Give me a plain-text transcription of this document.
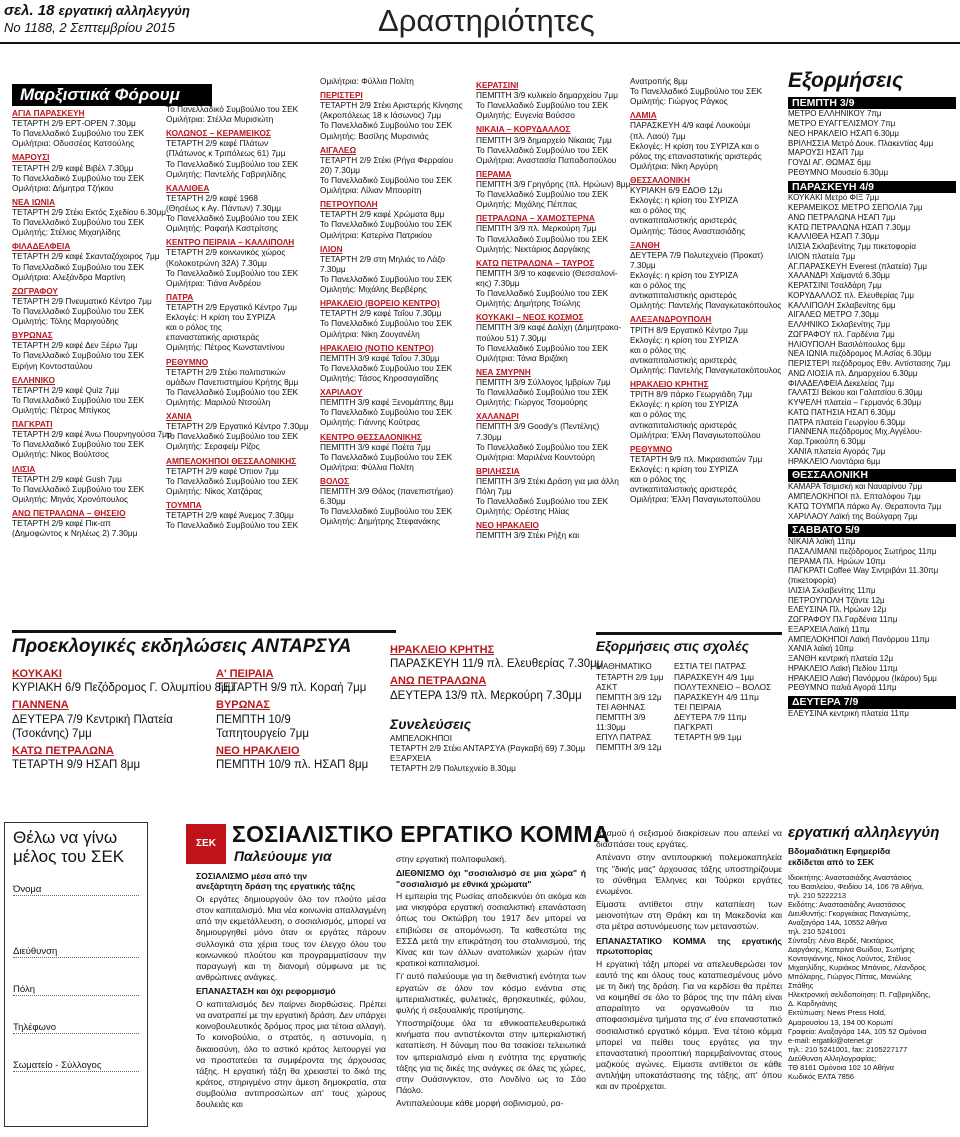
σελ. 18 εργατική αλληλεγγύη
No 1188, 2 Σεπτεμβρίου 2015	Δραστηριότητες
Μαρξιστικά Φόρουμ
ΑΓΙΑ ΠΑΡΑΣΚΕΥΗ
ΤΕΤΑΡΤΗ 2/9 ΕΡΤ-OPEN 7.30μμ
Το Πανελλαδικό Συμβούλιο του ΣΕΚ
Ομιλήτρια: Οδυσσέας Κατσούλης
ΜΑΡΟΥΣΙ
ΤΕΤΑΡΤΗ 2/9 καφέ Βιβέλ 7.30μμ
Το Πανελλαδικό Συμβούλιο του ΣΕΚ
Ομιλήτρια: Δήμητρα Τζήκου
ΝΕΑ ΙΩΝΙΑ
ΤΕΤΑΡΤΗ 2/9 Στέκι Εκτός Σχεδίου 6.30μμ
Το Πανελλαδικό Συμβούλιο του ΣΕΚ
Ομιλητής: Στέλιος Μιχαηλίδης
ΦΙΛΑΔΕΛΦΕΙΑ
ΤΕΤΑΡΤΗ 2/9 καφέ Σκανταζόχοιρος 7μμ
Το Πανελλαδικό Συμβούλιο του ΣΕΚ
Ομιλήτρια: Αλεξάνδρα Μαρτίνη
ΖΩΓΡΑΦΟΥ
ΤΕΤΑΡΤΗ 2/9 Πνευματικό Κέντρο 7μμ
Το Πανελλαδικό Συμβούλιο του ΣΕΚ
Ομιλητής: Τόλης Μαριγούδης
ΒΥΡΩΝΑΣ
ΤΕΤΑΡΤΗ 2/9 καφέ Δεν Ξέρω 7μμ
Το Πανελλαδικό Συμβούλιο του ΣΕΚ
Ειρήνη Κοντοσταύλου
ΕΛΛΗΝΙΚΟ
ΤΕΤΑΡΤΗ 2/9 καφέ Quiz 7μμ
Το Πανελλαδικό Συμβούλιο του ΣΕΚ
Ομιλητής: Πέτρος Μπίγκος
ΠΑΓΚΡΑΤΙ
ΤΕΤΑΡΤΗ 2/9 καφέ Άνω Πουρνηγούσα 7μμ
Το Πανελλαδικό Συμβούλιο του ΣΕΚ
Ομιλητής: Νίκος Βούλτσος
ΙΛΙΣΙΑ
ΤΕΤΑΡΤΗ 2/9 καφέ Gush 7μμ
Το Πανελλαδικό Συμβούλιο του ΣΕΚ
Ομιλητής: Μηνάς Χρονόπουλος
ΑΝΩ ΠΕΤΡΑΛΩΝΑ – ΘΗΣΕΙΟ
ΤΕΤΑΡΤΗ 2/9 καφέ Πικ-απ
(Δημοφώντος κ Νηλέως 2) 7.30μμ
Το Πανελλαδικό Συμβούλιο του ΣΕΚ
Ομιλήτρια: Στέλλα Μυρισιώτη
ΚΟΛΩΝΟΣ – ΚΕΡΑΜΕΙΚΟΣ
ΤΕΤΑΡΤΗ 2/9 καφέ Πλάτων
(Πλάτωνος κ Τριπόλεως 61) 7μμ
Το Πανελλαδικό Συμβούλιο του ΣΕΚ
Ομιλητής: Παντελής Γαβριηλίδης
ΚΑΛΛΙΘΕΑ
ΤΕΤΑΡΤΗ 2/9 καφέ 1968
(Θησέως κ Αγ. Πάντων) 7.30μμ
Το Πανελλαδικό Συμβούλιο του ΣΕΚ
Ομιλητής: Ραφαήλ Καστρίτσης
ΚΕΝΤΡΟ ΠΕΙΡΑΙΑ – ΚΑΛΛΙΠΟΛΗ
ΤΕΤΑΡΤΗ 2/9 κοινωνικός χώρος
(Κολοκοτρώνη 32Α) 7.30μμ
Το Πανελλαδικό Συμβούλιο του ΣΕΚ
Ομιλήτρια: Τιάνα Ανδρέου
ΠΑΤΡΑ
ΤΕΤΑΡΤΗ 2/9 Εργατικό Κέντρο 7μμ
Εκλογές: Η κρίση του ΣΥΡΙΖΑ
και ο ρόλος της
επαναστατικής αριστεράς
Ομιλητής: Πέτρος Κωνσταντίνου
ΡΕΘΥΜΝΟ
ΤΕΤΑΡΤΗ 2/9 Στέκι πολιτιστικών
ομάδων Πανεπιστημίου Κρήτης 8μμ
Το Πανελλαδικό Συμβούλιο του ΣΕΚ
Ομιλητής: Μαριλού Ντσούλη
ΧΑΝΙΑ
ΤΕΤΑΡΤΗ 2/9 Εργατικό Κέντρο 7.30μμ
Το Πανελλαδικό Συμβούλιο του ΣΕΚ
Ομιλητής: Σεραφείμ Ρίζος
ΑΜΠΕΛΟΚΗΠΟΙ ΘΕΣΣΑΛΟΝΙΚΗΣ
ΤΕΤΑΡΤΗ 2/9 καφέ Όπιον 7μμ
Το Πανελλαδικό Συμβούλιο του ΣΕΚ
Ομιλητής: Νίκος Χατζάρας
ΤΟΥΜΠΑ
ΤΕΤΑΡΤΗ 2/9 καφέ Άνεμος 7.30μμ
Το Πανελλαδικό Συμβούλιο του ΣΕΚ
Ομιλήτρια: Φύλλια Πολίτη
ΠΕΡΙΣΤΕΡΙ
ΤΕΤΑΡΤΗ 2/9 Στέκι Αριστερής Κίνησης
(Ακροπόλεως 18 κ Ιάσωνος) 7μμ
Το Πανελλαδικό Συμβούλιο του ΣΕΚ
Ομιλητής: Βασίλης Μυρσινιάς
ΑΙΓΑΛΕΩ
ΤΕΤΑΡΤΗ 2/9 Στέκι (Ρήγα Φερραίου
20) 7.30μμ
Το Πανελλαδικό Συμβούλιο του ΣΕΚ
Ομιλήτρια: Λίλιαν Μπουρίτη
ΠΕΤΡΟΥΠΟΛΗ
ΤΕΤΑΡΤΗ 2/9 καφέ Χρώματα 8μμ
Το Πανελλαδικό Συμβούλιο του ΣΕΚ
Ομιλήτρια: Κατερίνα Πατρικίου
ΙΛΙΟΝ
ΤΕΤΑΡΤΗ 2/9 στη Μηλιάς το Λάζο
7.30μμ
Το Πανελλαδικό Συμβούλιο του ΣΕΚ
Ομιλητής: Μιχάλης Βερβέρης
ΗΡΑΚΛΕΙΟ (ΒΟΡΕΙΟ ΚΕΝΤΡΟ)
ΤΕΤΑΡΤΗ 2/9 καφέ Ταΐου 7.30μμ
Το Πανελλαδικό Συμβούλιο του ΣΕΚ
Ομιλήτρια: Νίκη Ζουγανέλη
ΗΡΑΚΛΕΙΟ (ΝΟΤΙΟ ΚΕΝΤΡΟ)
ΠΕΜΠΤΗ 3/9 καφέ Ταΐου 7.30μμ
Το Πανελλαδικό Συμβούλιο του ΣΕΚ
Ομιλητής: Τάσος Κηροσαγιαΐδης
ΧΑΡΙΛΑΟΥ
ΠΕΜΠΤΗ 3/9 καφέ Ξενομάπτης 8μμ
Το Πανελλαδικό Συμβούλιο του ΣΕΚ
Ομιλητής: Γιάννης Κούτρας
ΚΕΝΤΡΟ ΘΕΣΣΑΛΟΝΙΚΗΣ
ΠΕΜΠΤΗ 3/9 καφέ Ποέτα 7μμ
Το Πανελλαδικό Συμβούλιο του ΣΕΚ
Ομιλήτρια: Φύλλια Πολίτη
ΒΟΛΟΣ
ΠΕΜΠΤΗ 3/9 Θόλος (πανεπιστήμιο)
6.30μμ
Το Πανελλαδικό Συμβούλιο του ΣΕΚ
Ομιλητής: Δημήτρης Στεφανάκης
ΚΕΡΑΤΣΙΝΙ
ΠΕΜΠΤΗ 3/9 κυλικείο δημαρχείου 7μμ
Το Πανελλαδικό Συμβούλιο του ΣΕΚ
Ομιλητής: Ευγενία Βούσσο
ΝΙΚΑΙΑ – ΚΟΡΥΔΑΛΛΟΣ
ΠΕΜΠΤΗ 3/9 δημαρχείο Νίκαιας 7μμ
Το Πανελλαδικό Συμβούλιο του ΣΕΚ
Ομιλήτρια: Αναστασία Παπαδοπούλου
ΠΕΡΑΜΑ
ΠΕΜΠΤΗ 3/9 Γρηγόρης (πλ. Ηρώων) 8μμ
Το Πανελλαδικό Συμβούλιο του ΣΕΚ
Ομιλητής: Μιχάλης Πέππας
ΠΕΤΡΑΛΩΝΑ – ΧΑΜΟΣΤΕΡΝΑ
ΠΕΜΠΤΗ 3/9 πλ. Μερκούρη 7μμ
Το Πανελλαδικό Συμβούλιο του ΣΕΚ
Ομιλητής: Νεκτάριος Δαργάκης
ΚΑΤΩ ΠΕΤΡΑΛΩΝΑ – ΤΑΥΡΟΣ
ΠΕΜΠΤΗ 3/9 το καφενείο (Θεσσαλονί-
κης) 7.30μμ
Το Πανελλαδικό Συμβούλιο του ΣΕΚ
Ομιλητής: Δημήτρης Τσώλης
ΚΟΥΚΑΚΙ – ΝΕΟΣ ΚΟΣΜΟΣ
ΠΕΜΠΤΗ 3/9 καφέ Δολίχη (Δημητρακο-
πούλου 51) 7.30μμ
Το Πανελλαδικό Συμβούλιο του ΣΕΚ
Ομιλήτρια: Τάνια Βριζάκη
ΝΕΑ ΣΜΥΡΝΗ
ΠΕΜΠΤΗ 3/9 Σύλλογος Ιμβρίων 7μμ
Το Πανελλαδικό Συμβούλιο του ΣΕΚ
Ομιλητής: Γιώργος Τσομούρης
ΧΑΛΑΝΔΡΙ
ΠΕΜΠΤΗ 3/9 Goody's (Πεντέλης)
7.30μμ
Το Πανελλαδικό Συμβούλιο του ΣΕΚ
Ομιλήτρια: Μαριλένα Κουντούρη
ΒΡΙΛΗΣΣΙΑ
ΠΕΜΠΤΗ 3/9 Στέκι Δράση για μια άλλη
Πόλη 7μμ
Το Πανελλαδικό Συμβούλιο του ΣΕΚ
Ομιλητής: Ορέστης Ηλίας
ΝΕΟ ΗΡΑΚΛΕΙΟ
ΠΕΜΠΤΗ 3/9 Στέκι Ρήξη και
Ανατροπής 8μμ
Το Πανελλαδικό Συμβούλιο του ΣΕΚ
Ομιλητής: Γιώργος Ράγκος
ΛΑΜΙΑ
ΠΑΡΑΣΚΕΥΗ 4/9 καφέ Λουκούμι
(πλ. Λαού) 7μμ
Εκλογές: Η κρίση του ΣΥΡΙΖΑ και ο
ρόλος της επαναστατικής αριστεράς
Ομιλήτρια: Νίκη Αργύρη
ΘΕΣΣΑΛΟΝΙΚΗ
ΚΥΡΙΑΚΗ 6/9 ΕΔΟΘ 12μ
Εκλογές: η κρίση του ΣΥΡΙΖΑ
και ο ρόλος της
αντικαπιταλιστικής αριστεράς
Ομιλητής: Τάσος Αναστασιάδης
ΞΑΝΘΗ
ΔΕΥΤΕΡΑ 7/9 Πολυτεχνείο (Προκατ)
7.30μμ
Εκλογές: η κρίση του ΣΥΡΙΖΑ
και ο ρόλος της
αντικαπιταλιστικής αριστεράς
Ομιλητής: Παντελής Παναγιωτακόπουλος
ΑΛΕΞΑΝΔΡΟΥΠΟΛΗ
ΤΡΙΤΗ 8/9 Εργατικό Κέντρο 7μμ
Εκλογές: η κρίση του ΣΥΡΙΖΑ
και ο ρόλος της
αντικαπιταλιστικής αριστεράς
Ομιλητής: Παντελής Παναγιωτακόπουλος
ΗΡΑΚΛΕΙΟ ΚΡΗΤΗΣ
ΤΡΙΤΗ 8/9 πάρκο Γεωργιάδη 7μμ
Εκλογές: η κρίση του ΣΥΡΙΖΑ
και ο ρόλος της
αντικαπιταλιστικής αριστεράς
Ομιλήτρια: Έλλη Παναγιωτοπούλου
ΡΕΘΥΜΝΟ
ΤΕΤΑΡΤΗ 9/9 πλ. Μικρασιατών 7μμ
Εκλογές: η κρίση του ΣΥΡΙΖΑ
και ο ρόλος της
αντικαπιταλιστικής αριστεράς
Ομιλήτρια: Έλλη Παναγιωτοπούλου
Εξορμήσεις
ΠΕΜΠΤΗ 3/9
ΜΕΤΡΟ ΕΛΛΗΝΙΚΟΥ 7πμ
ΜΕΤΡΟ ΕΥΑΓΓΕΛΙΣΜΟΥ 7πμ
ΝΕΟ ΗΡΑΚΛΕΙΟ ΗΣΑΠ 6.30μμ
ΒΡΙΛΗΣΣΙΑ Μετρό Δουκ. Πλακεντίας 4μμ
ΜΑΡΟΥΣΙ ΗΣΑΠ 7μμ
ΓΟΥΔΙ ΑΓ. ΘΩΜΑΣ 6μμ
ΡΕΘΥΜΝΟ Μουσείο 6.30μμ
ΠΑΡΑΣΚΕΥΗ 4/9
ΚΟΥΚΑΚΙ Μετρό ΦΙΞ 7μμ
ΚΕΡΑΜΕΙΚΟΣ ΜΕΤΡΟ ΣΕΠΟΛΙΑ 7μμ
ΑΝΩ ΠΕΤΡΑΛΩΝΑ ΗΣΑΠ 7μμ
ΚΑΤΩ ΠΕΤΡΑΛΩΝΑ ΗΣΑΠ 7.30μμ
ΚΑΛΛΙΘΕΑ ΗΣΑΠ 7.30μμ
ΙΛΙΣΙΑ Σκλαβενίτης 7μμ πικετοφορία
ΙΛΙΟΝ πλατεία 7μμ
ΑΓ.ΠΑΡΑΣΚΕΥΗ Everest (πλατεία) 7μμ
ΧΑΛΑΝΔΡΙ Χαϊμαντά 6.30μμ
ΚΕΡΑΤΣΙΝΙ Τσαλδάρη 7μμ
ΚΟΡΥΔΑΛΛΟΣ πλ. Ελευθερίας 7μμ
ΚΑΛΛΙΠΟΛΗ Σκλαβενίτης 6μμ
ΑΙΓΑΛΕΩ ΜΕΤΡΟ 7.30μμ
ΕΛΛΗΝΙΚΟ Σκλαβενίτης 7μμ
ΖΩΓΡΑΦΟΥ πλ. Γαρδένια 7μμ
ΗΛΙΟΥΠΟΛΗ Βασιλόπουλος 6μμ
ΝΕΑ ΙΩΝΙΑ πεζόδρομος Μ.Ασίας 6.30μμ
ΠΕΡΙΣΤΕΡΙ πεζόδρομος Εθν. Αντίστασης 7μμ
ΑΝΩ ΛΙΟΣΙΑ πλ. Δημαρχείου 6.30μμ
ΦΙΛΑΔΕΛΦΕΙΑ Δεκελείας 7μμ
ΓΑΛΑΤΣΙ Βείκου και Γαλατσίου 6.30μμ
ΚΥΨΕΛΗ πλατεία – Γερμανός 6.30μμ
ΚΑΤΩ ΠΑΤΗΣΙΑ ΗΣΑΠ 6.30μμ
ΠΑΤΡΑ πλατεία Γεωργίου 6.30μμ
ΓΙΑΝΝΕΝΑ πεζόδρομος Μιχ.Αγγέλου-
Χαρ.Τρικούπη 6.30μμ
ΧΑΝΙΑ πλατεία Αγοράς 7μμ
ΗΡΑΚΛΕΙΟ Λιοντάρια 6μμ
ΘΕΣΣΑΛΟΝΙΚΗ
ΚΑΜΑΡΑ Τσιμισκή και Ναυαρίνου 7μμ
ΑΜΠΕΛΟΚΗΠΟΙ πλ. Επταλόφου 7μμ
ΚΑΤΩ ΤΟΥΜΠΑ πάρκο Αγ. Θεραποντα 7μμ
ΧΑΡΙΛΑΟΥ Λαϊκή της Βούλγαρη 7μμ
ΣΑΒΒΑΤΟ 5/9
ΝΙΚΑΙΑ λαϊκή 11πμ
ΠΑΣΑΛΙΜΑΝΙ πεζόδρομος Σωτήρος 11πμ
ΠΕΡΑΜΑ Πλ. Ηρώων 10πμ
ΠΑΓΚΡΑΤΙ Coffee Way Σιντριβάνι 11.30πμ
(πικετοφορία)
ΙΛΙΣΙΑ Σκλαβενίτης 11πμ
ΠΕΤΡΟΥΠΟΛΗ Τζάντε 12μ
ΕΛΕΥΣΙΝΑ Πλ. Ηρώων 12μ
ΖΩΓΡΑΦΟΥ Πλ.Γαρδένια 11πμ
ΕΞΑΡΧΕΙΑ Λαϊκή 11πμ
ΑΜΠΕΛΟΚΗΠΟΙ Λαϊκή Πανόρμου 11πμ
ΧΑΝΙΑ λαϊκή 10πμ
ΞΑΝΘΗ κεντρική πλατεία 12μ
ΗΡΑΚΛΕΙΟ Λαϊκή Πεδίου 11πμ
ΗΡΑΚΛΕΙΟ Λαϊκή Πανόρμου (Ικάρου) 5μμ
ΡΕΘΥΜΝΟ παλιά Αγορά 11πμ
ΔΕΥΤΕΡΑ 7/9
ΕΛΕΥΣΙΝΑ κεντρική πλατεία 11πμ
Προεκλογικές εκδηλώσεις ΑΝΤΑΡΣΥΑ
ΚΟΥΚΑΚΙ
ΚΥΡΙΑΚΗ 6/9 Πεζόδρομος Γ. Ολυμπίου 8μμ
ΓΙΑΝΝΕΝΑ
ΔΕΥΤΕΡΑ 7/9 Κεντρική Πλατεία
(Τσοκάνης) 7μμ
ΚΑΤΩ ΠΕΤΡΑΛΩΝΑ
ΤΕΤΑΡΤΗ 9/9 ΗΣΑΠ 8μμ
Α' ΠΕΙΡΑΙΑ
ΤΕΤΑΡΤΗ 9/9 πλ. Κοραή 7μμ
ΒΥΡΩΝΑΣ
ΠΕΜΠΤΗ 10/9
Ταπητουργείο 7μμ
ΝΕΟ ΗΡΑΚΛΕΙΟ
ΠΕΜΠΤΗ 10/9 πλ. ΗΣΑΠ 8μμ
ΗΡΑΚΛΕΙΟ ΚΡΗΤΗΣ
ΠΑΡΑΣΚΕΥΗ 11/9 πλ. Ελευθερίας 7.30μμ
ΑΝΩ ΠΕΤΡΑΛΩΝΑ
ΔΕΥΤΕΡΑ 13/9 πλ. Μερκούρη 7.30μμ
Συνελεύσεις
ΑΜΠΕΛΟΚΗΠΟΙ
ΤΕΤΑΡΤΗ 2/9 Στέκι ΑΝΤΑΡΣΥΑ (Ραγκαβή 69) 7.30μμ
ΕΞΑΡΧΕΙΑ
ΤΕΤΑΡΤΗ 2/9 Πολυτεχνείο 8.30μμ
Εξορμήσεις στις σχολές
ΜΑΘΗΜΑΤΙΚΟ
ΤΕΤΑΡΤΗ 2/9 1μμ
ΑΣΚΤ
ΠΕΜΠΤΗ 3/9 12μ
ΤΕΙ ΑΘΗΝΑΣ
ΠΕΜΠΤΗ 3/9
11:30μμ
ΕΠΥΛ ΠΑΤΡΑΣ
ΠΕΜΠΤΗ 3/9 12μ
ΕΣΤΙΑ ΤΕΙ ΠΑΤΡΑΣ
ΠΑΡΑΣΚΕΥΗ 4/9 1μμ
ΠΟΛΥΤΕΧΝΕΙΟ – ΒΟΛΟΣ
ΠΑΡΑΣΚΕΥΗ 4/9 11πμ
ΤΕΙ ΠΕΙΡΑΙΑ
ΔΕΥΤΕΡΑ 7/9 11πμ
ΠΑΓΚΡΑΤΙ
ΤΕΤΑΡΤΗ 9/9 1μμ
Θέλω να γίνω
μέλος του ΣΕΚ
Όνομα
Διεύθυνση
Πόλη
Τηλέφωνο
Σωματείο - Σύλλογος
ΣΕΚ ΣΟΣΙΑΛΙΣΤΙΚΟ ΕΡΓΑΤΙΚΟ ΚΟΜΜΑ
Παλεύουμε για
ΣΟΣΙΑΛΙΣΜΟ μέσα από την
ανεξάρτητη δράση της εργατικής τάξης
Οι εργάτες δημιουργούν όλο τον πλούτο μέσα στον καπιταλισμό. Μια νέα κοινωνία απαλλαγμένη από την εκμετάλλευση, ο σοσιαλισμός, μπορεί να δημιουργηθεί μόνο όταν οι εργάτες πάρουν συλλογικά στα χέρια τους τον έλεγχο όλου του κοινωνικού πλούτου και προγραμματίσουν την παραγωγή και τη διανομή σύμφωνα με τις ανθρώπινες ανάγκες.
ΕΠΑΝΑΣΤΑΣΗ και όχι ρεφορμισμό
Ο καπιταλισμός δεν παίρνει διορθώσεις. Πρέπει να ανατραπεί με την εργατική δράση. Δεν υπάρχει κοινοβουλευτικός δρόμος προς μια τέτοια αλλαγή. Το κοινοβούλιο, ο στρατός, η αστυνομία, η δικαιοσύνη, όλο το αστικό κράτος λειτουργεί για να προστατεύει τα συμφέροντα της άρχουσας τάξης. Η εργατική τάξη θα χρειαστεί το δικό της κράτος, στηριγμένο στην άμεση δημοκρατία, στα συμβούλια αντιπροσώπων απ' τους χώρους δουλειάς και
στην εργατική πολιτοφυλακή.
ΔΙΕΘΝΙΣΜΟ όχι "σοσιαλισμό σε μια χώρα" ή "σοσιαλισμό με εθνικά χρώματα"
Η εμπειρία της Ρωσίας αποδεικνύει ότι ακόμα και μια νικηφόρα εργατική σοσιαλιστική επανάσταση όπως του Οκτώβρη του 1917 δεν μπορεί να επιβιώσει σε απομόνωση. Τα καθεστώτα της ΕΣΣΔ μετά την επικράτηση του σταλινισμού, της Κίνας και των άλλων ανατολικών χωρών ήταν κρατικοί καπιταλισμοί.
Γι' αυτό παλεύουμε για τη διεθνιστική ενότητα των εργατών σε όλον τον κόσμο ενάντια στις ιμπεριαλιστικές, φυλετικές, θρησκευτικές, φύλου, φυλής ή σεξουαλικής προτίμησης.
Υποστηρίζουμε όλα τα εθνικοαπελευθερωτικά κινήματα που αντιστέκονται στην ιμπεριαλιστική καταπίεση. Η δύναμη που θα τσακίσει τελειωτικά τον ιμπεριαλισμό είναι η ενότητα της εργατικής τάξης για τις δικές της ανάγκες σε όλες τις χώρες, στην Ουάσινγκτον, στο Λονδίνο ως το Σάο Πάολο.
Αντιπαλεύουμε κάθε μορφή σοβινισμού, ρα-
τσισμού ή σεξισμού διακρίσεων που απειλεί να διασπάσει τους εργάτες.
Απέναντι στην αντιπουρκική πολεμοκαπηλεία της "δικής μας" άρχουσας τάξης υποστηρίζουμε το σύνθημα Έλληνες και Τούρκοι εργάτες ενωμένοι.
Είμαστε αντίθετοι στην καταπίεση των μειονοτήτων στη Θράκη και τη Μακεδονία και στα μέτρα αστυνόμευσης των μεταναστών.
ΕΠΑΝΑΣΤΑΤΙΚΟ ΚΟΜΜΑ της εργατικής πρωτοπορίας
Η εργατική τάξη μπορεί να απελευθερώσει τον εαυτό της και όλους τους καταπιεσμένους μόνο με τη δική της δράση. Για να κερδίσει θα πρέπει να κοιμηθεί σε όλο το βάρος της την πάλη είναι απαραίτητο να οργανωθούν τα πιο αποφασισμένα τμήματα της σ' ένα επαναστατικό σοσιαλιστικό εργατικό κόμμα. Ένα τέτοιο κόμμα μπορεί να πείθει τους εργάτες για την επαναστατική προοπτική παρεμβαίνοντας στους μαζικούς αγώνες. Είμαστε αντίθετοι σε κάθε αντιλήψη υποκατάστασης της τάξης, απ' όπου και αν προέρχεται.
εργατική αλληλεγγύη
Βδομαδιάτικη Εφημερίδα
εκδίδεται από το ΣΕΚ
Ιδιοκτήτης: Αναστασιάδης Αναστάσιος
του Βασιλείου, Φειδίου 14, 106 78 Αθήνα,
τηλ. 210 5222213
Εκδότης: Αναστασιάδης Αναστάσιος
Διευθυντής: Γκοργκάκας Παναγιώτης,
Αναξαγόρα 14Α, 10552 Αθήνα
τηλ. 210 5241001
Σύνταξη: Λένα Βερδέ, Νεκτάριος
Δαργάκης, Κατερίνα Θωίδου, Σωτήρης
Κοντογιάννης, Νίκος Λούντος, Στέλιος
Μιχαηλίδης, Κυριάκος Μπάνιος, Λέανδρος
Μπόλαρης, Γιώργος Πίττας, Μανώλης
Σπάθης
Ηλεκτρονική σελιδοποίηση: Π. Γαβριηλίδης,
Δ. Καρδιγιάνης
Εκτύπωση: News Press Hold,
Αμαρουσίου 13, 194 00 Κορωπί
Γραφεία: Αναξαγόρα 14Α, 105 52 Ομόνοια
e-mail: ergatiki@otenet.gr
τηλ.: 210 5241001, fax: 2105227177
Διεύθυνση Αλληλογραφίας:
ΤΘ 8161 Ομόνοια 102 10 Αθήνα
Κωδικός ΕΛΤΑ 7856
